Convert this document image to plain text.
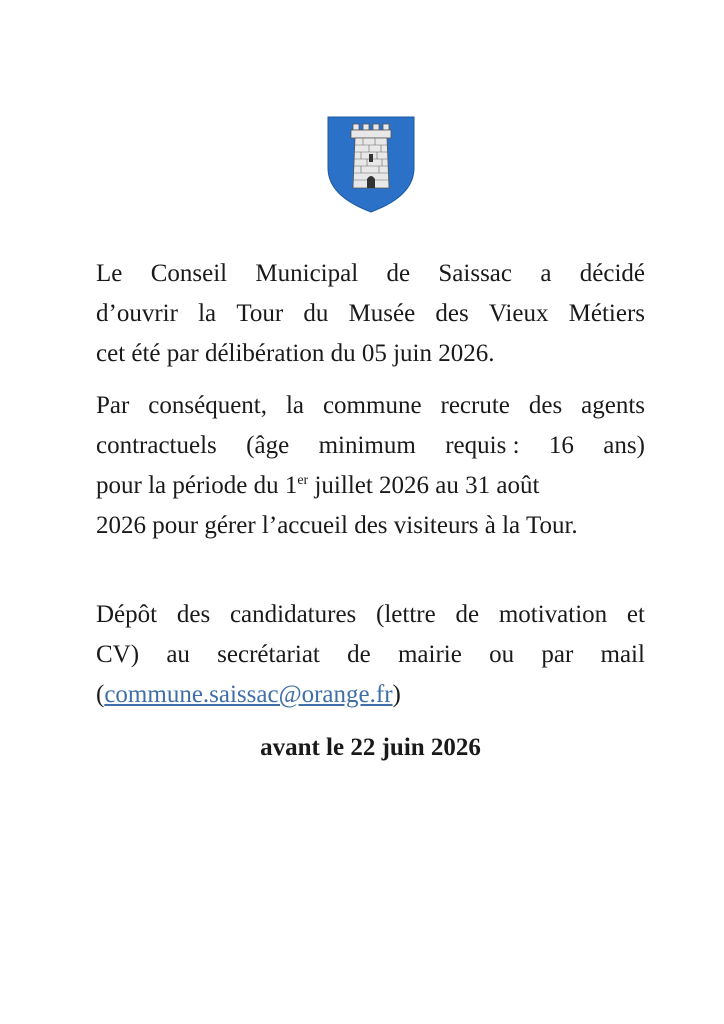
Le Conseil Municipal de Saissac a décidé
d’ouvrir la Tour du Musée des Vieux Métiers
cet été par délibération du 05 juin 2026.
Par conséquent, la commune recrute des agents
contractuels (âge minimum requis : 16 ans)
pour la période du 1er juillet 2026 au 31 août
2026 pour gérer l’accueil des visiteurs à la Tour.
Dépôt des candidatures (lettre de motivation et
CV) au secrétariat de mairie ou par mail
(commune.saissac@orange.fr)
avant le 22 juin 2026
